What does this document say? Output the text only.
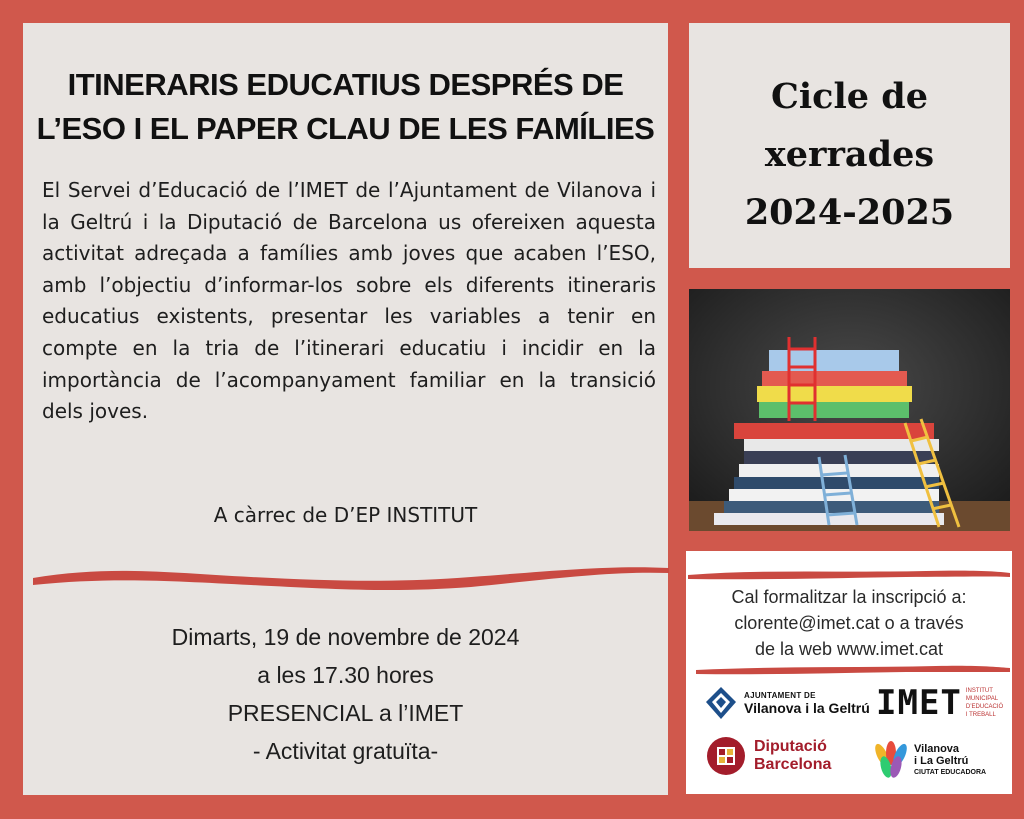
ITINERARIS EDUCATIUS DESPRÉS DE
L’ESO I EL PAPER CLAU DE LES FAMÍLIES

El Servei d’Educació de l’IMET de l’Ajuntament de Vilanova i la Geltrú i la Diputació de Barcelona us ofereixen aquesta activitat adreçada a famílies amb joves que acaben l’ESO, amb l’objectiu d’informar-los sobre els diferents itineraris educatius existents, presentar les variables a tenir en compte en la tria de l’itinerari educatiu i incidir en la importància de l’acompanyament familiar en la transició dels joves.

A càrrec de D’EP INSTITUT

Dimarts, 19 de novembre de 2024
a les 17.30 hores
PRESENCIAL a l’IMET
- Activitat gratuïta-
Cicle de
xerrades
2024-2025
Cal formalitzar la inscripció a:
clorente@imet.cat o a través
de la web www.imet.cat
AJUNTAMENT DE
Vilanova i la Geltrú IMET INSTITUT
MUNICIPAL
D’EDUCACIÓ
I TREBALL
Diputació
Barcelona
Vilanova
i La Geltrú
CIUTAT EDUCADORA
